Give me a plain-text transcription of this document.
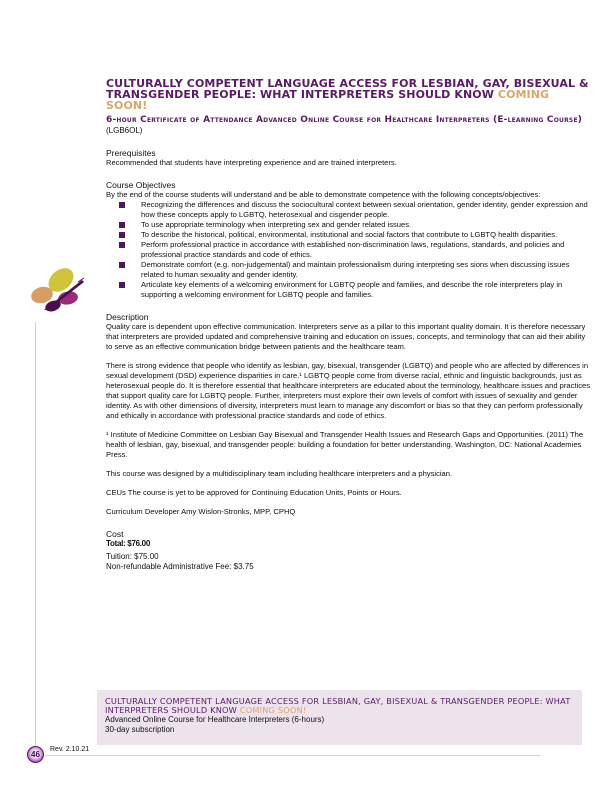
CULTURALLY COMPETENT LANGUAGE ACCESS FOR LESBIAN, GAY, BISEXUAL & TRANSGENDER PEOPLE: WHAT INTERPRETERS SHOULD KNOW COMING SOON!
6-hour Certificate of Attendance Advanced Online Course for Healthcare Interpreters (E-learning Course)
(LGB6OL)
Prerequisites
Recommended that students have interpreting experience and are trained interpreters.
Course Objectives
By the end of the course students will understand and be able to demonstrate competence with the following concepts/objectives:
Recognizing the differences and discuss the sociocultural context between sexual orientation, gender identity, gender expression and how these concepts apply to LGBTQ, heterosexual and cisgender people.
To use appropriate terminology when interpreting sex and gender related issues.
To describe the historical, political, environmental, institutional and social factors that contribute to LGBTQ health disparities.
Perform professional practice in accordance with established non-discrimination laws, regulations, standards, and policies and professional practice standards and code of ethics.
Demonstrate comfort (e.g. non-judgemental) and maintain professionalism during interpreting ses sions when discussing issues related to human sexuality and gender identity.
Articulate key elements of a welcoming environment for LGBTQ people and families, and describe the role interpreters play in supporting a welcoming environment for LGBTQ people and families.
Description
Quality care is dependent upon effective communication. Interpreters serve as a pillar to this important quality domain. It is therefore necessary that interpreters are provided updated and comprehensive training and education on issues, concepts, and terminology that can aid their ability to serve as an effective communication bridge between patients and the healthcare team.
There is strong evidence that people who identify as lesbian, gay, bisexual, transgender (LGBTQ) and people who are affected by differences in sexual development (DSD) experience disparities in care.¹ LGBTQ people come from diverse racial, ethnic and linguistic backgrounds, just as heterosexual people do. It is therefore essential that healthcare interpreters are educated about the terminology, healthcare issues and practices that support quality care for LGBTQ people. Further, interpreters must explore their own levels of comfort with issues of sexuality and gender identity. As with other dimensions of diversity, interpreters must learn to manage any discomfort or bias so that they can perform professionally and ethically in accordance with professional practice standards and code of ethics.
¹ Institute of Medicine Committee on Lesbian Gay Bisexual and Transgender Health Issues and Research Gaps and Opportunities. (2011) The health of lesbian, gay, bisexual, and transgender people: building a foundation for better understanding. Washington, DC: National Academies Press.
This course was designed by a multidisciplinary team including healthcare interpreters and a physician.
CEUs The course is yet to be approved for Continuing Education Units, Points or Hours.
Curriculum Developer Amy Wislon-Stronks, MPP, CPHQ
Cost
Total: $76.00
Tuition: $75.00
Non-refundable Administrative Fee: $3.75
CULTURALLY COMPETENT LANGUAGE ACCESS FOR LESBIAN, GAY, BISEXUAL & TRANSGENDER PEOPLE: WHAT INTERPRETERS SHOULD KNOW COMING SOON!
Advanced Online Course for Healthcare Interpreters (6-hours)
30-day subscription
46
Rev. 2.10.21
